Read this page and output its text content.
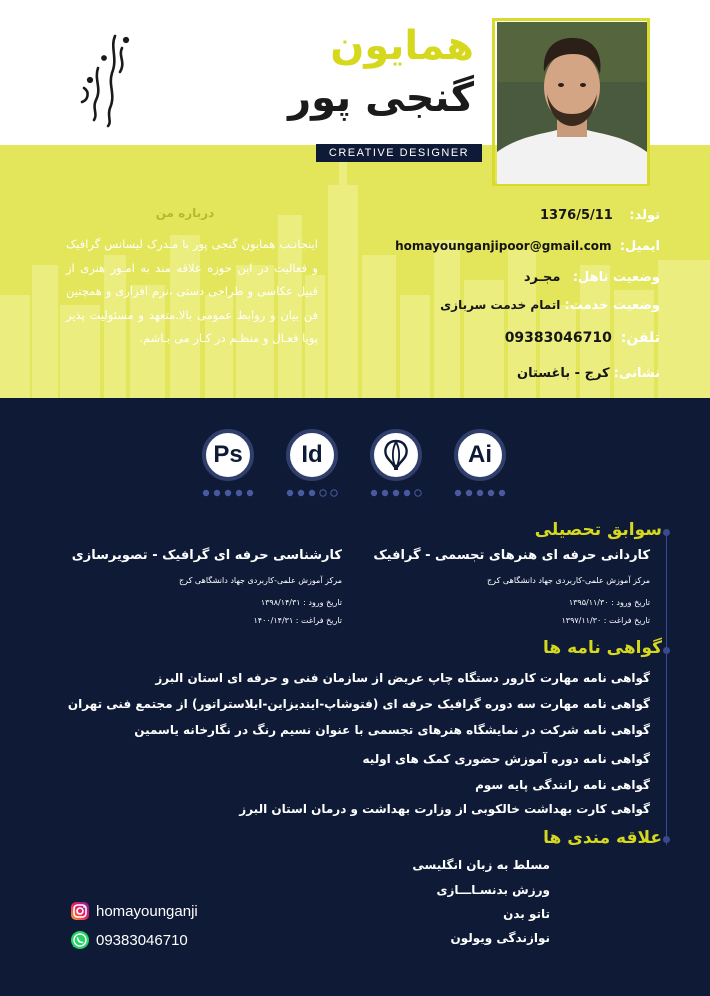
همایون
گنجی پور
CREATIVE DESIGNER
درباره من
اینجانـب همایون گنجی پور با مـدرک لیسانس گرافیک و فعالیت در این حوزه علاقه مند به امـور هنری از قبیل عکاسی و طراحی دستی ،نرم افزاری و همچنین فن بیان و روابط عمومی بالا.متعهد و مسئولیت پذیر پویا فعـال و منظـم در کـار می بـاشم.
تولد:    1376/5/11
ایمیل:  homayounganjipoor@gmail.com
وضعیت تاهل:   مجـرد
وضعیت خدمت: اتمام خدمت سربازی
تلفن:  09383046710
نشانی: کرج - باغستان
Ps	Id	Ai
سوابق تحصیلی
کاردانی حرفه ای هنرهای تجسمی - گرافیک
مرکز آموزش علمی-کاربردی جهاد دانشگاهی کرج
تاریخ ورود : ۱۳۹۵/۱۱/۳۰
تاریخ فراغت : ۱۳۹۷/۱۱/۳۰
کارشناسی حرفه ای گرافیک - تصویرسازی
مرکز آموزش علمی-کاربردی جهاد دانشگاهی کرج
تاریخ ورود : ۱۳۹۸/۱۴/۳۱
تاریخ فراغت : ۱۴۰۰/۱۴/۳۱
گواهی نامه ها
گواهی نامه مهارت کارور دستگاه چاپ عریض از سازمان فنی و حرفه ای استان البرز
گواهی نامه مهارت سه دوره گرافیک حرفه ای (فتوشاپ-ایندیزاین-ایلاستراتور) از مجتمع فنی تهران
گواهی نامه شرکت در نمایشگاه هنرهای تجسمی با عنوان نسیم رنگ در نگارخانه یاسمین
گواهی نامه دوره آموزش حضوری کمک های اولیه
گواهی نامه رانندگی پایه سوم
گواهی کارت بهداشت خالکوبی از وزارت بهداشت و درمان استان البرز
علاقه مندی ها
مسلط به زبان انگلیسی
ورزش بدنسـاـــازی
تاتو بدن
نوازندگی ویولون
homayounganji
09383046710
